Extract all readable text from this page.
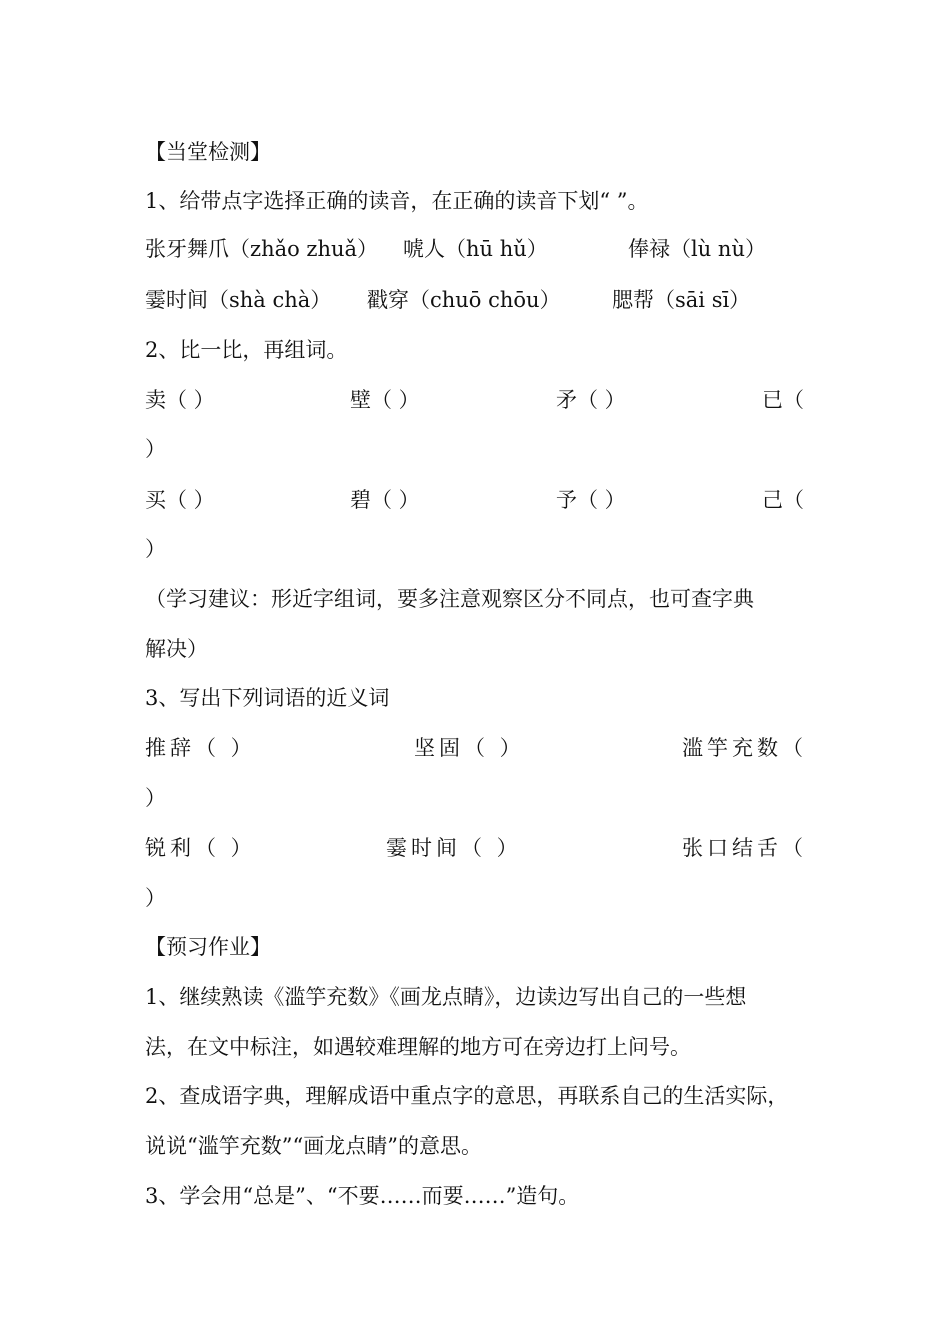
【当堂检测】
1、给带点字选择正确的读音，在正确的读音下划“ ”。
张牙舞爪（zhǎo zhuǎ） 唬人（hū hǔ）	俸禄（lù nù）
霎时间（shà chà） 戳穿（chuō chōu） 腮帮（sāi sī）
2、比一比，再组词。
卖（ ）	壁（ ）	矛（ ）	已（
）
买（ ）	碧（ ）	予（ ）	己（
）
（学习建议：形近字组词，要多注意观察区分不同点，也可查字典
解决）
3、写出下列词语的近义词
推辞（ ）	坚固（ ）	滥竽充数（
）
锐利（ ）	霎时间（ ）	张口结舌（
）
【预习作业】
1、继续熟读《滥竽充数》《画龙点睛》，边读边写出自己的一些想
法，在文中标注，如遇较难理解的地方可在旁边打上问号。
2、查成语字典，理解成语中重点字的意思，再联系自己的生活实际，
说说“滥竽充数”“画龙点睛”的意思。
3、学会用“总是”、“不要……而要……”造句。
